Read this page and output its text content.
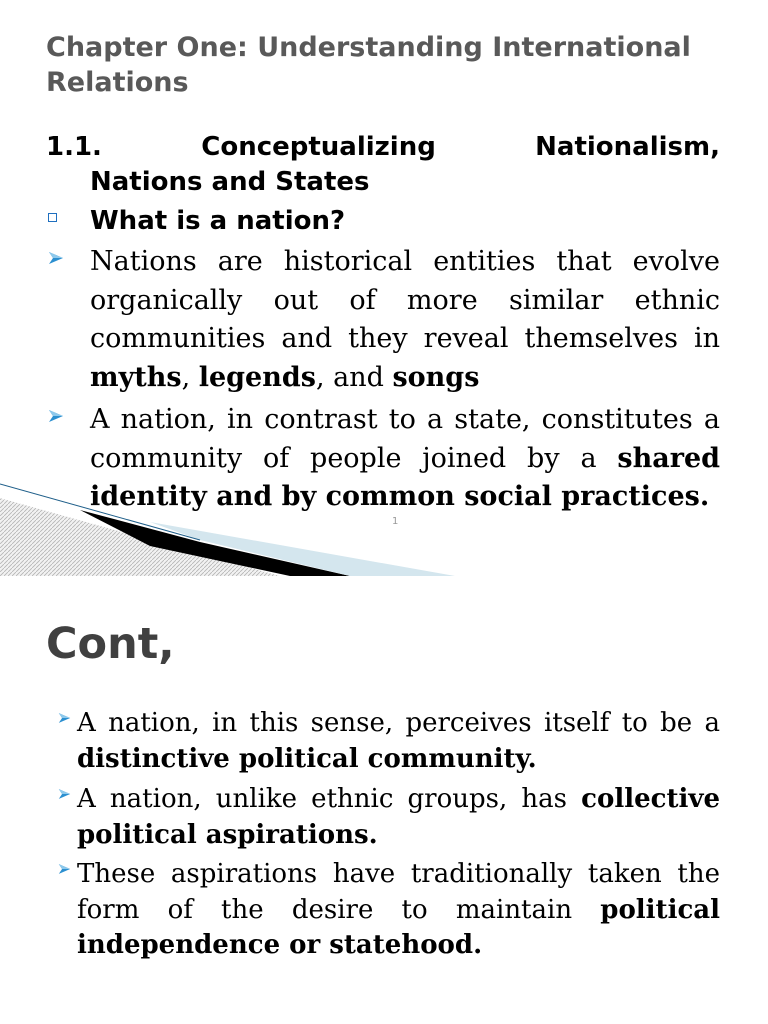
Chapter One: Understanding International Relations
1.1.	Conceptualizing	Nationalism,
Nations and States
What is a nation?

Nations are historical entities that evolve organically out of more similar ethnic communities and they reveal themselves in myths, legends, and songs

A nation, in contrast to a state, constitutes a community of people joined by a shared identity and by common social practices.

1
Cont,

A nation, in this sense, perceives itself to be a distinctive political community.

A nation, unlike ethnic groups, has collective political aspirations.

These aspirations have traditionally taken the form of the desire to maintain political independence or statehood.
